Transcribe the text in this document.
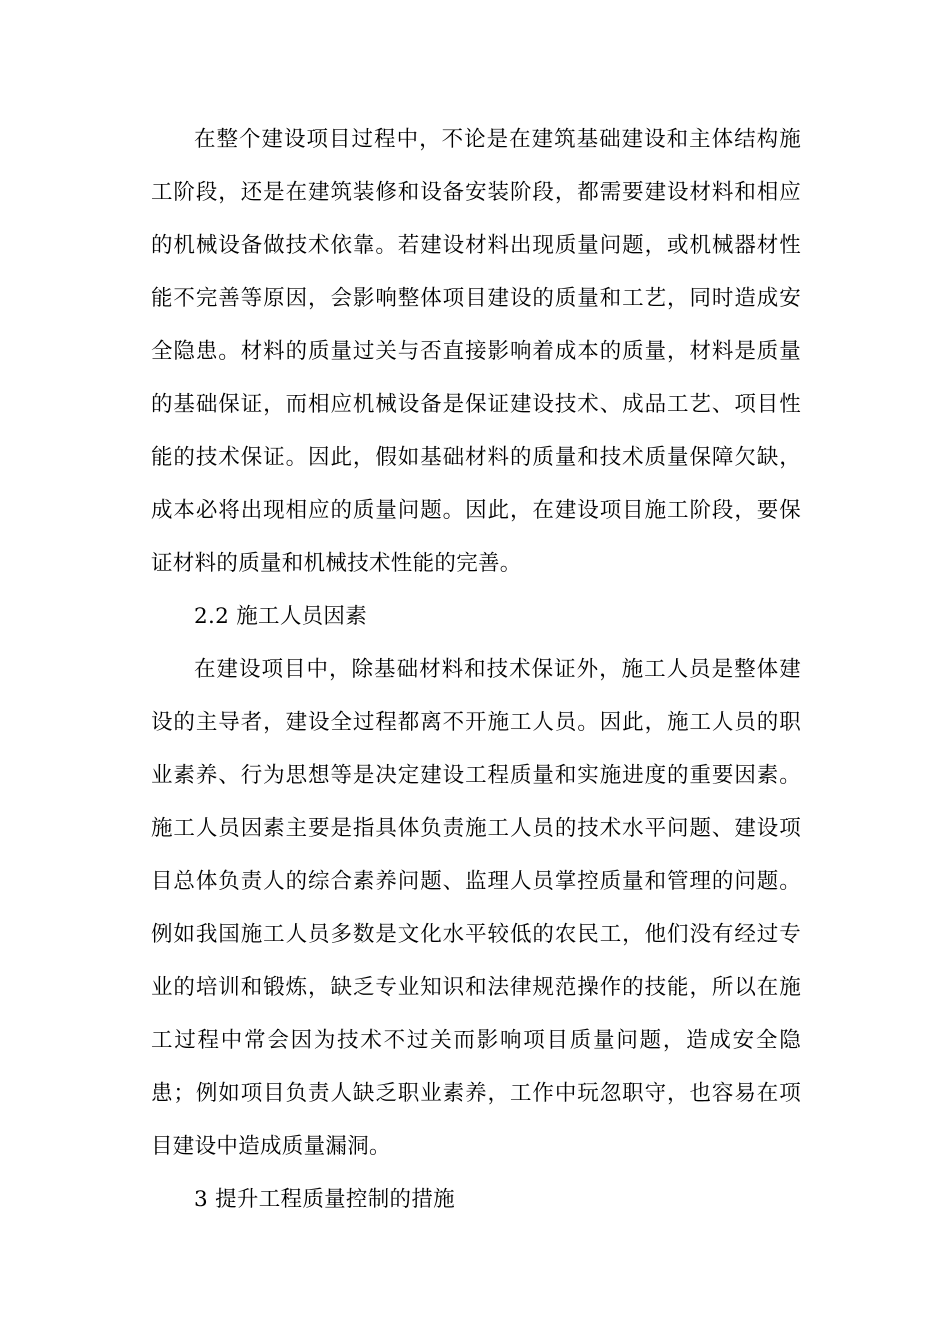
在整个建设项目过程中，不论是在建筑基础建设和主体结构施工阶段，还是在建筑装修和设备安装阶段，都需要建设材料和相应的机械设备做技术依靠。若建设材料出现质量问题，或机械器材性能不完善等原因，会影响整体项目建设的质量和工艺，同时造成安全隐患。材料的质量过关与否直接影响着成本的质量，材料是质量的基础保证，而相应机械设备是保证建设技术、成品工艺、项目性能的技术保证。因此，假如基础材料的质量和技术质量保障欠缺，成本必将出现相应的质量问题。因此，在建设项目施工阶段，要保证材料的质量和机械技术性能的完善。

2.2 施工人员因素

在建设项目中，除基础材料和技术保证外，施工人员是整体建设的主导者，建设全过程都离不开施工人员。因此，施工人员的职业素养、行为思想等是决定建设工程质量和实施进度的重要因素。施工人员因素主要是指具体负责施工人员的技术水平问题、建设项目总体负责人的综合素养问题、监理人员掌控质量和管理的问题。例如我国施工人员多数是文化水平较低的农民工，他们没有经过专业的培训和锻炼，缺乏专业知识和法律规范操作的技能，所以在施工过程中常会因为技术不过关而影响项目质量问题，造成安全隐患；例如项目负责人缺乏职业素养，工作中玩忽职守，也容易在项目建设中造成质量漏洞。

3 提升工程质量控制的措施
